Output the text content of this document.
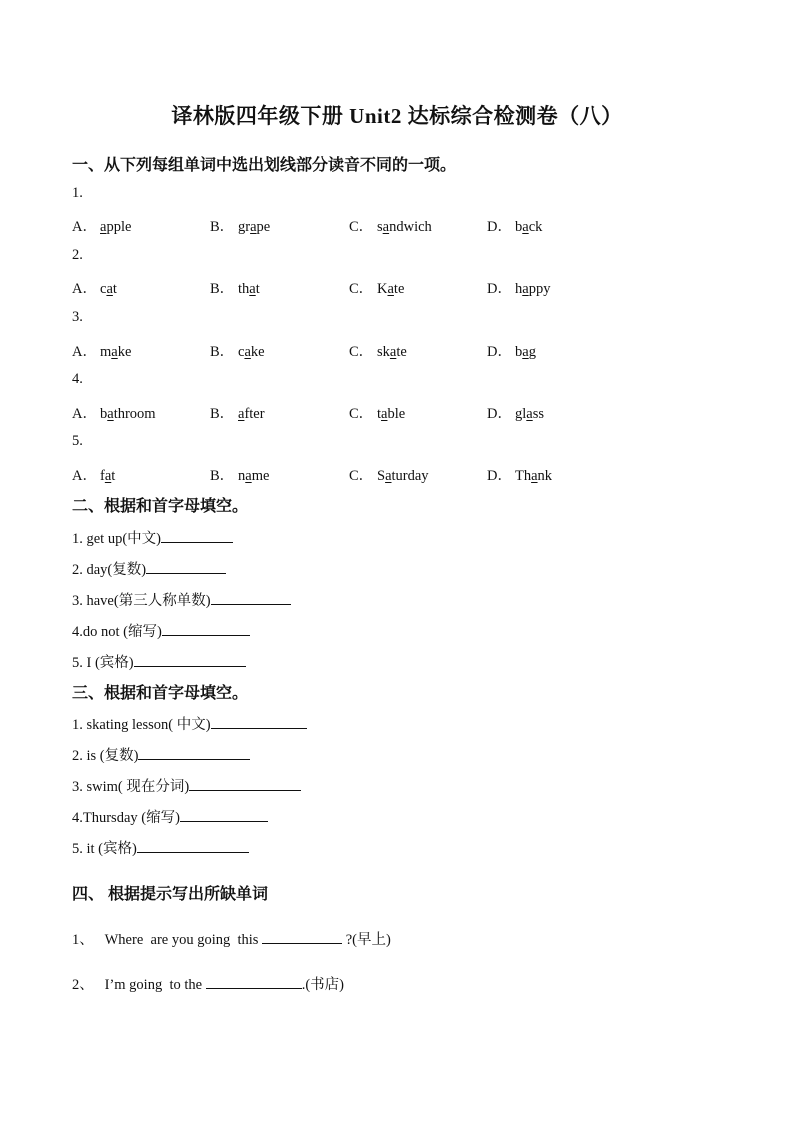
译林版四年级下册 Unit2 达标综合检测卷（八）
一、从下列每组单词中选出划线部分读音不同的一项。
1.
A． apple	B． grape	C． sandwich	D． back
2.
A． cat	B． that	C． Kate	D． happy
3.
A． make	B． cake	C． skate	D． bag
4.
A． bathroom	B． after	C． table	D． glass
5.
A． fat	B． name	C． Saturday	D． Thank
二、根据和首字母填空。
1. get up(中文)
2. day(复数)
3. have(第三人称单数)
4.do not (缩写)
5. I (宾格)
三、根据和首字母填空。
1. skating lesson( 中文)
2. is (复数)
3. swim( 现在分词)
4.Thursday (缩写)
5. it (宾格)
四、 根据提示写出所缺单词
1、   Where  are you going  this	?(早上)
2、   I’m going  to the	.(书店)
